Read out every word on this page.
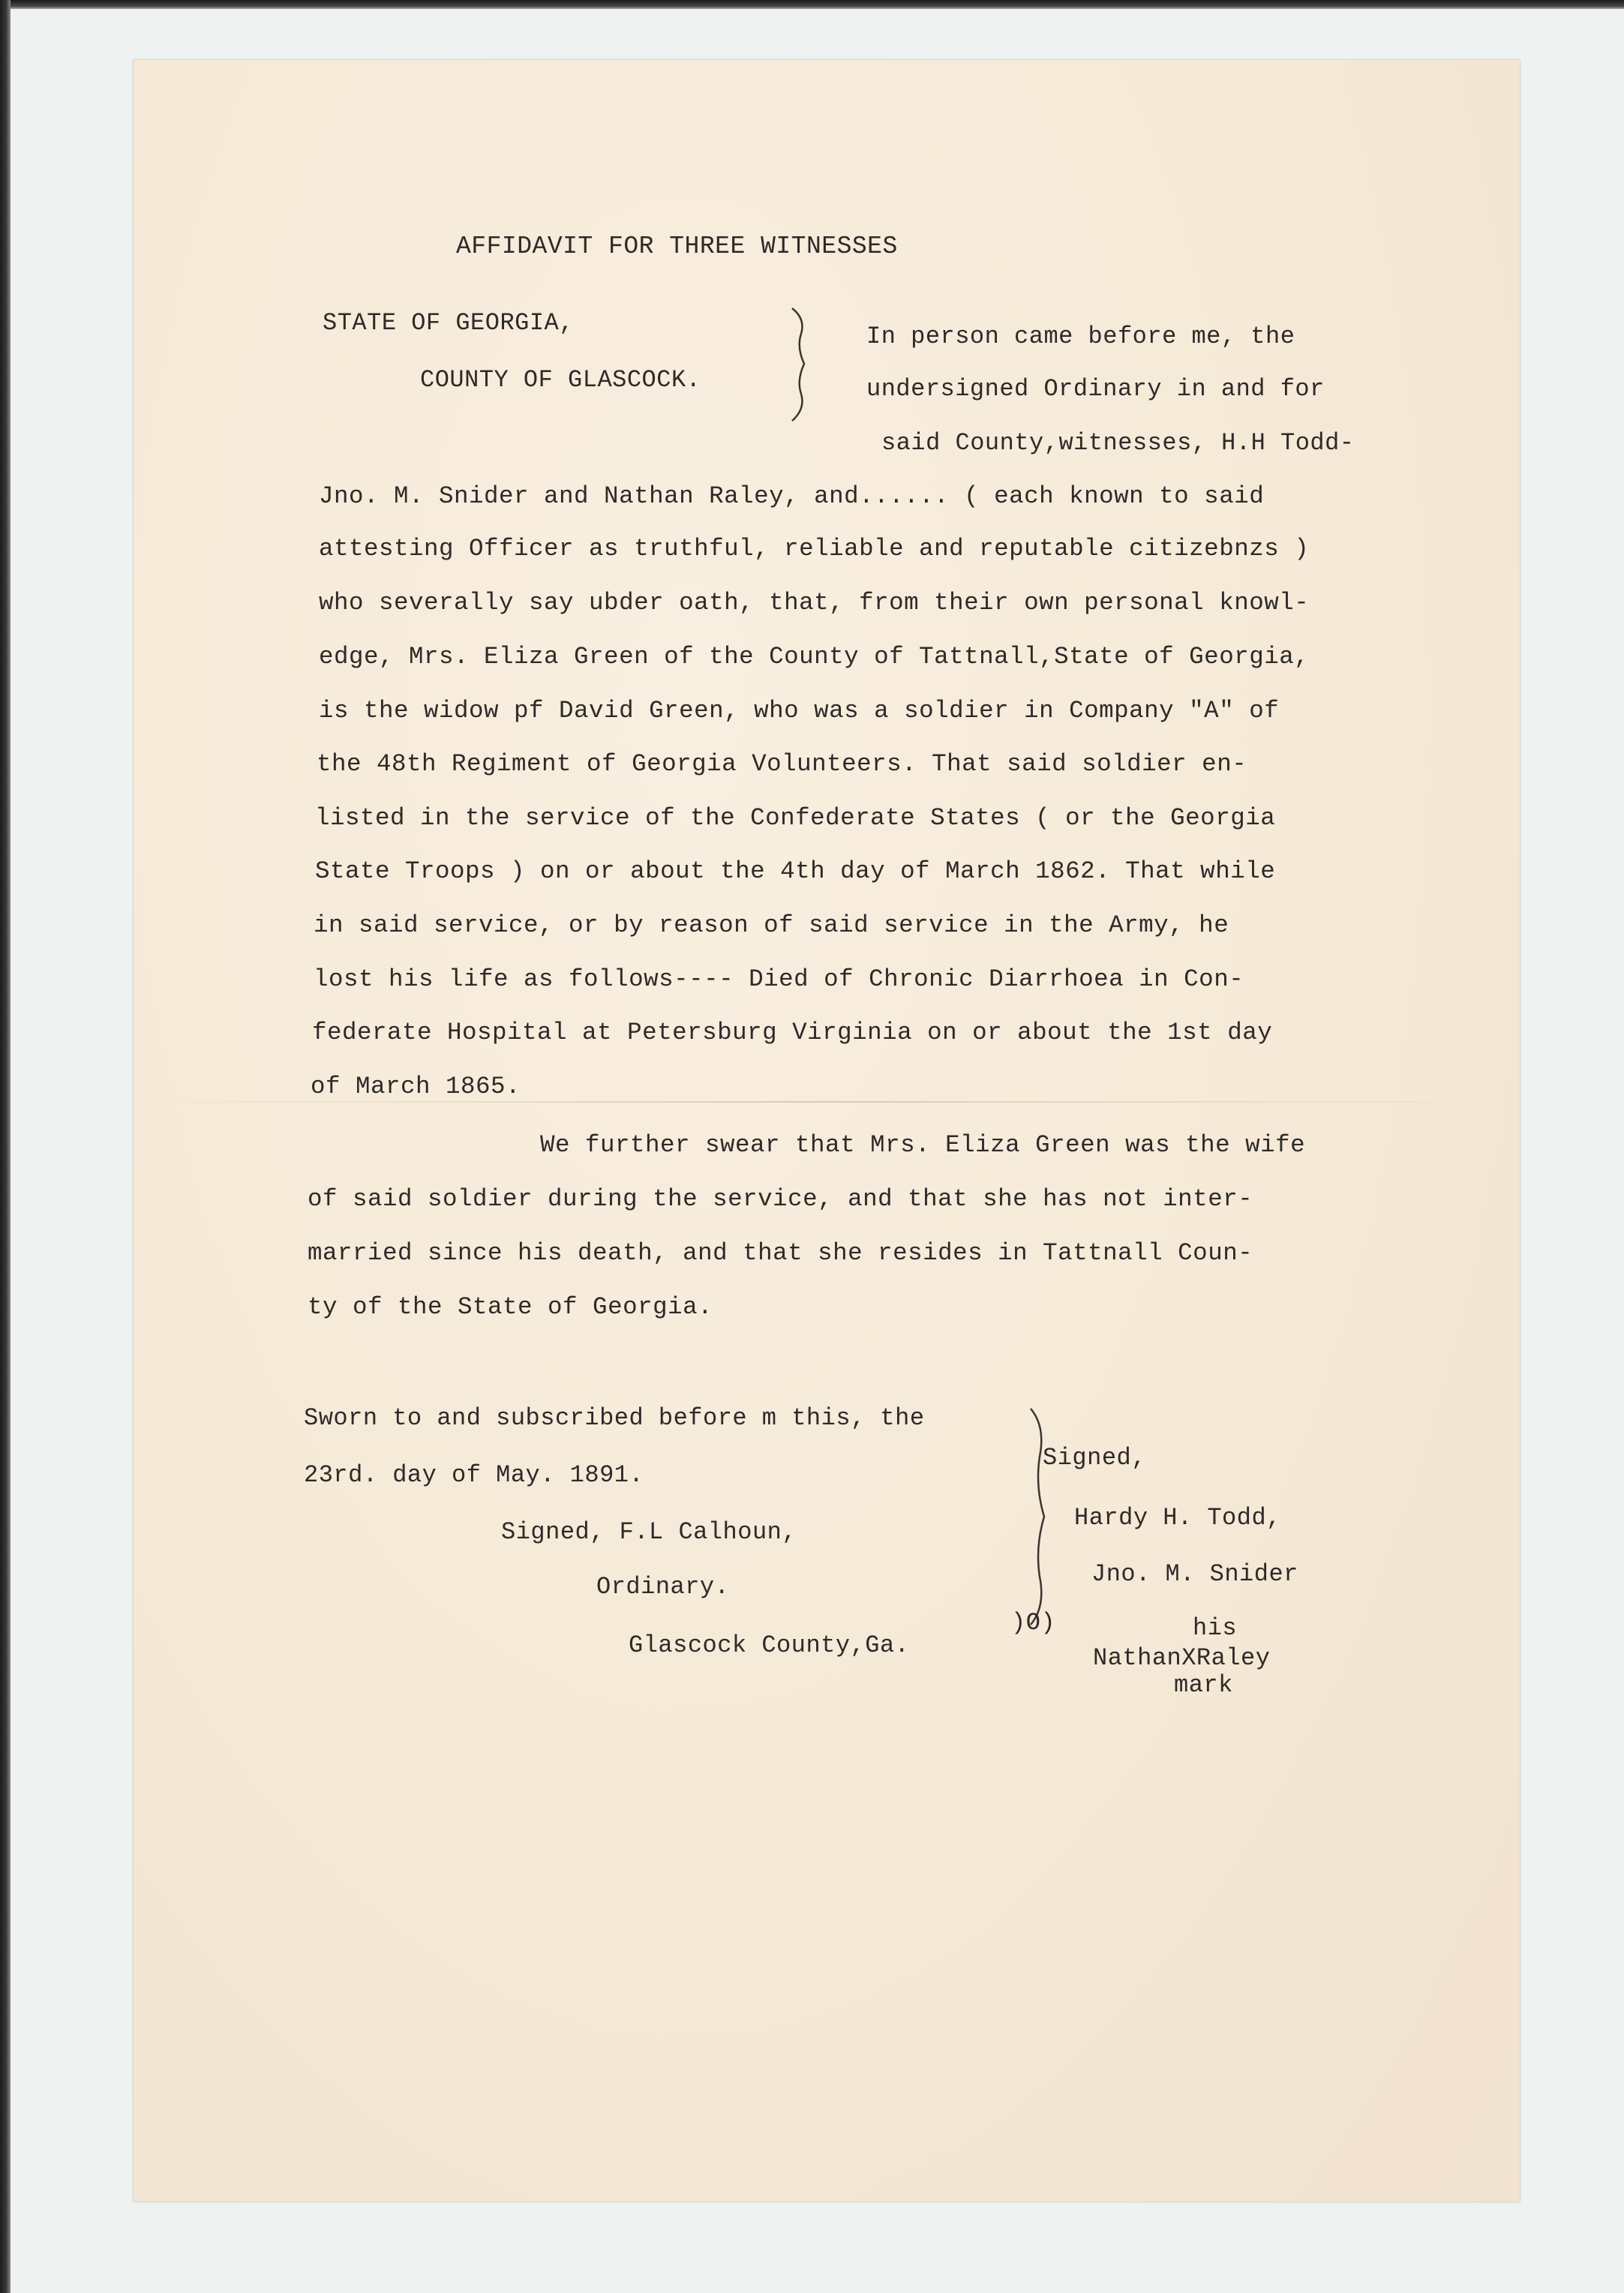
AFFIDAVIT FOR THREE WITNESSES
STATE OF GEORGIA,
COUNTY OF GLASCOCK.
In person came before me, the
undersigned Ordinary in and for
said County,witnesses, H.H Todd-
Jno. M. Snider and Nathan Raley, and...... ( each known to said
attesting Officer as truthful, reliable and reputable citizebnzs )
who severally say ubder oath, that, from their own personal knowl-
edge, Mrs. Eliza Green of the County of Tattnall,State of Georgia,
is the widow pf David Green, who was a soldier in Company "A" of
the 48th Regiment of Georgia Volunteers. That said soldier en-
listed in the service of the Confederate States ( or the Georgia
State Troops ) on or about the 4th day of March 1862. That while
in said service, or by reason of said service in the Army, he
lost his life as follows---- Died of Chronic Diarrhoea in Con-
federate Hospital at Petersburg Virginia on or about the 1st day
of March 1865.
We further swear that Mrs. Eliza Green was the wife
of said soldier during the service, and that she has not inter-
married since his death, and that she resides in Tattnall Coun-
ty of the State of Georgia.
Sworn to and subscribed before m this, the
23rd. day of May. 1891.
Signed, F.L Calhoun,
Ordinary.
Glascock County,Ga.
Signed,
Hardy H. Todd,
Jno. M. Snider
)O)	his
NathanXRaley
mark
